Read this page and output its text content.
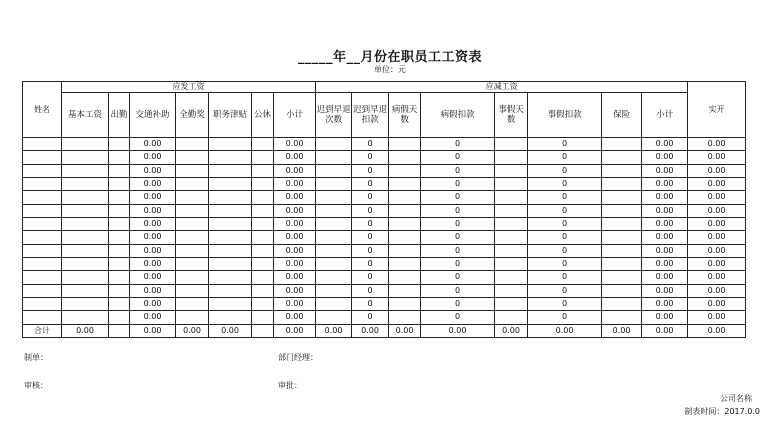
_____年__月份在职员工工资表
单位：元
姓名	应发工资							应减工资								实开
	基本工资	出勤	交通补助	全勤奖	职务津贴	公休	小计	迟到早退次数	迟到早退扣款	病假天数	病假扣款	事假天数	事假扣款	保险	小计	
			0.00				0.00		0		0		0		0.00	0.00
			0.00				0.00		0		0		0		0.00	0.00
			0.00				0.00		0		0		0		0.00	0.00
			0.00				0.00		0		0		0		0.00	0.00
			0.00				0.00		0		0		0		0.00	0.00
			0.00				0.00		0		0		0		0.00	0.00
			0.00				0.00		0		0		0		0.00	0.00
			0.00				0.00		0		0		0		0.00	0.00
			0.00				0.00		0		0		0		0.00	0.00
			0.00				0.00		0		0		0		0.00	0.00
			0.00				0.00		0		0		0		0.00	0.00
			0.00				0.00		0		0		0		0.00	0.00
			0.00				0.00		0		0		0		0.00	0.00
			0.00				0.00		0		0		0		0.00	0.00
合计	0.00		0.00	0.00	0.00		0.00	0.00	0.00	0.00	0.00	0.00	0.00	0.00	0.00	0.00
制单：	部门经理：
审核：	审批：
公司名称
制表时间：2017.0.0
